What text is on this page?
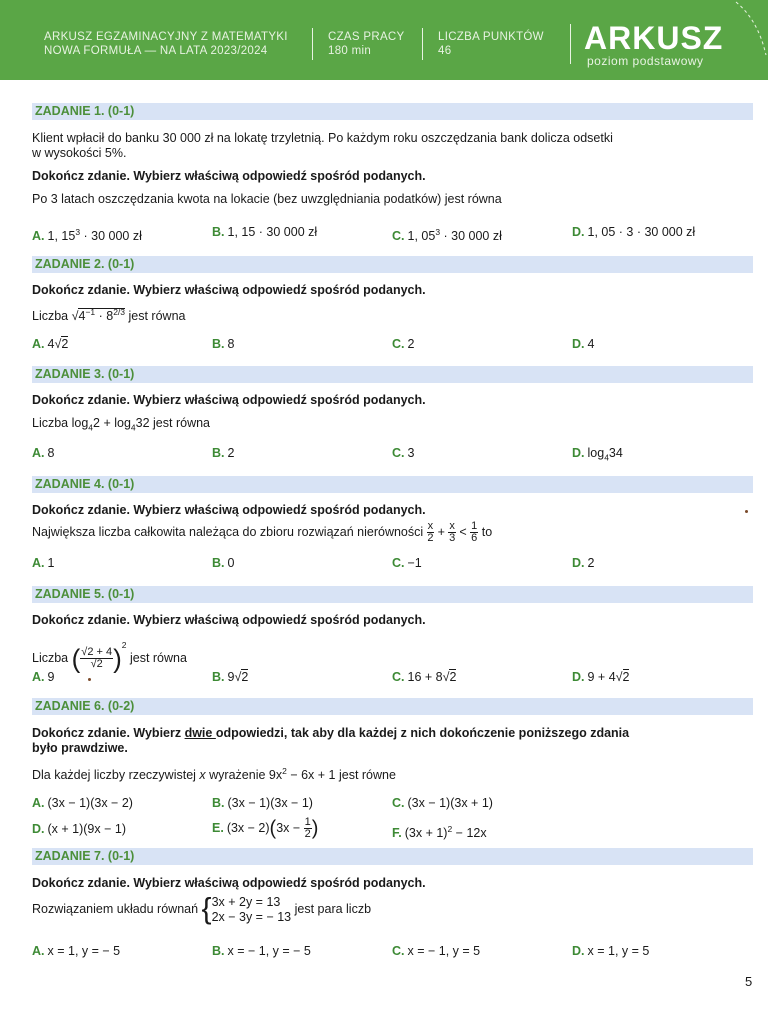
ARKUSZ EGZAMINACYJNY Z MATEMATYKI
NOWA FORMUŁA — NA LATA 2023/2024
CZAS PRACY
180 min
LICZBA PUNKTÓW
46	ARKUSZ
poziom podstawowy
ZADANIE 1. (0-1)
Klient wpłacił do banku 30 000 zł na lokatę trzyletnią. Po każdym roku oszczędzania bank dolicza odsetki
w wysokości 5%.
Dokończ zdanie. Wybierz właściwą odpowiedź spośród podanych.
Po 3 latach oszczędzania kwota na lokacie (bez uwzględniania podatków) jest równa
A. 1, $15^3 \cdot 30$ 000 zł	B. 1, 15 · 30 000 zł	C. 1, $05^3 \cdot 30$ 000 zł	D. 1, 05 · 3 · 30 000 zł
ZADANIE 2. (0-1)
Dokończ zdanie. Wybierz właściwą odpowiedź spośród podanych.
Liczba $√4^{-1} \cdot 8^{2/3}$ jest równa
A. 4√2	B. 8	C. 2	D. 4
ZADANIE 3. (0-1)
Dokończ zdanie. Wybierz właściwą odpowiedź spośród podanych.
Liczba $\log_42 + \log_432$ jest równa
A. 8	B. 2	C. 3	D. $\log_434$
ZADANIE 4. (0-1)
Dokończ zdanie. Wybierz właściwą odpowiedź spośród podanych.
Największa liczba całkowita należąca do zbioru rozwiązań nierówności $\frac{x}{2} + \frac{x}{3} < \frac{1}{6}$ to
A. 1	B. 0	C. −1	D. 2
ZADANIE 5. (0-1)
Dokończ zdanie. Wybierz właściwą odpowiedź spośród podanych.
Liczba ( $\frac{√2 + 4}{√2} )^2$ jest równa
A. 9	B. 9√2	C. 16 + 8√2	D. 9 + 4√2
ZADANIE 6. (0-2)
Dokończ zdanie. Wybierz dwie odpowiedzi, tak aby dla każdej z nich dokończenie poniższego zdania
było prawdziwe.
Dla każdej liczby rzeczywistej x wyrażenie $9x^2 - 6x + 1$ jest równe
A. (3x − 1)(3x − 2)	B. (3x − 1)(3x − 1)	C. (3x − 1)(3x + 1)
D. (x + 1)(9x − 1)	E. $(3x - 2)(3x - \frac{1}{2}$ )	F. $(3x + 1)^2 - 12x$
ZADANIE 7. (0-1)
Dokończ zdanie. Wybierz właściwą odpowiedź spośród podanych.
Rozwiązaniem układu równań { 3x + 2y = 13
2x − 3y = − 13
jest para liczb
A. x = 1, y = − 5	B. x = − 1, y = − 5	C. x = − 1, y = 5	D. x = 1, y = 5
5
